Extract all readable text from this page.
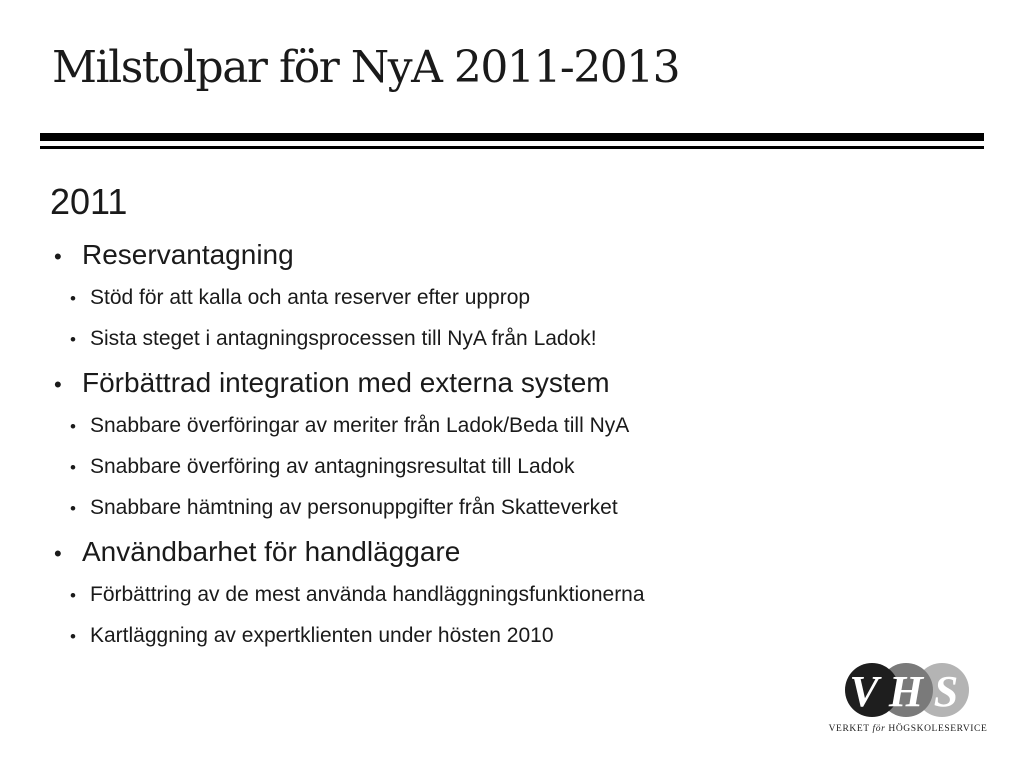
Milstolpar för NyA 2011-2013
2011
• Reservantagning
• Stöd för att kalla och anta reserver efter upprop
• Sista steget i antagningsprocessen till NyA från Ladok!
• Förbättrad integration med externa system
• Snabbare överföringar av meriter från Ladok/Beda till NyA
• Snabbare överföring av antagningsresultat till Ladok
• Snabbare hämtning av personuppgifter från Skatteverket
• Användbarhet för handläggare
• Förbättring av de mest använda handläggningsfunktionerna
• Kartläggning av expertklienten under hösten 2010
V H S
VERKET för HÖGSKOLESERVICE
